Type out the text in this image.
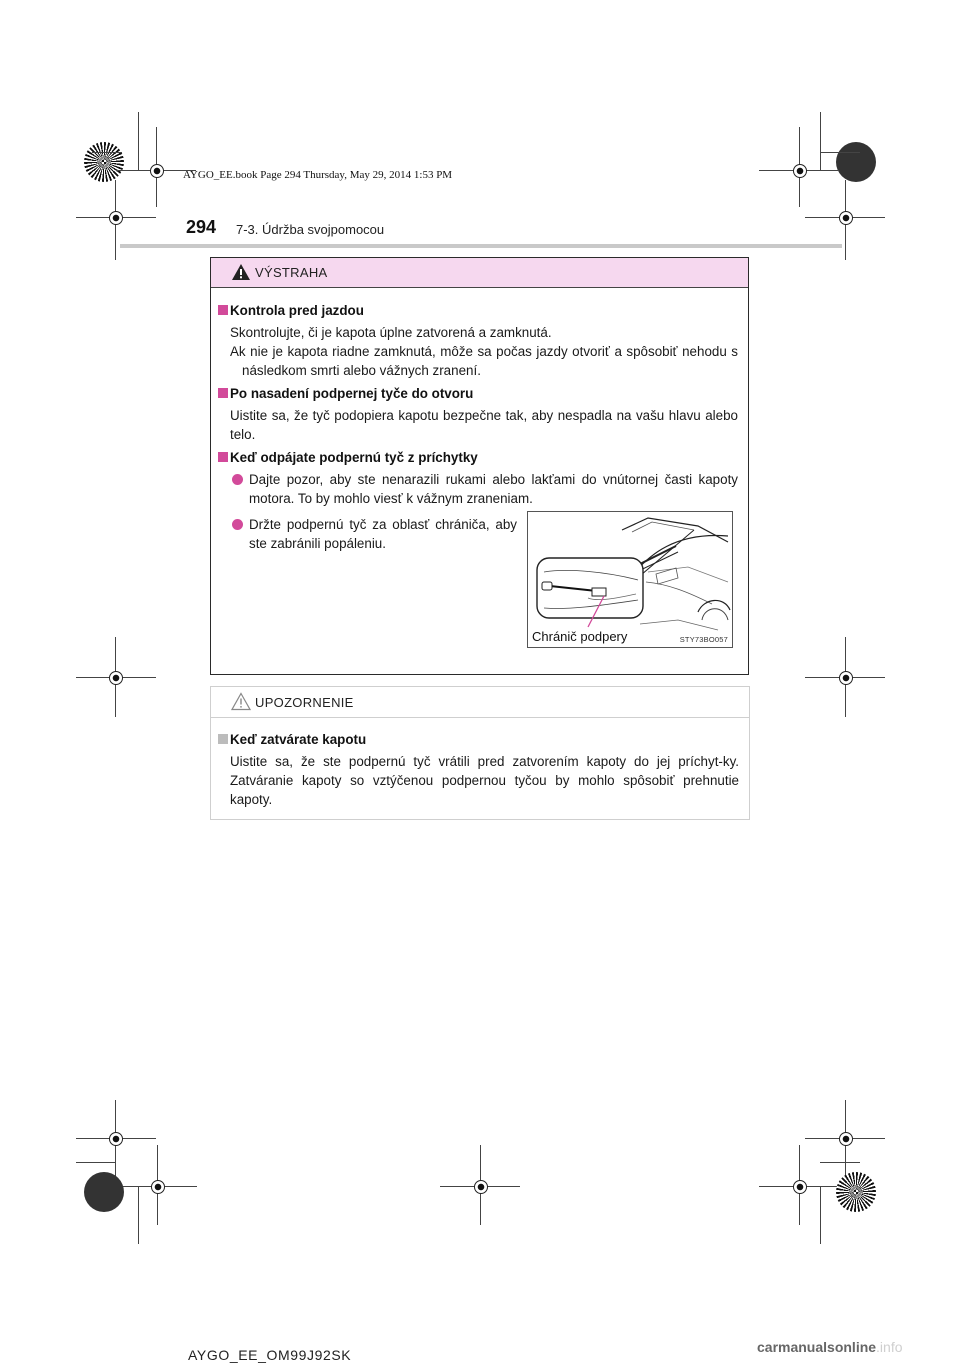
AYGO_EE.book Page 294 Thursday, May 29, 2014 1:53 PM
294 7-3. Údržba svojpomocou
VÝSTRAHA
Kontrola pred jazdou
Skontrolujte, či je kapota úplne zatvorená a zamknutá.
Ak nie je kapota riadne zamknutá, môže sa počas jazdy otvoriť a spôsobiť nehodu s následkom smrti alebo vážnych zranení.
Po nasadení podpernej tyče do otvoru
Uistite sa, že tyč podopiera kapotu bezpečne tak, aby nespadla na vašu hlavu alebo telo.
Keď odpájate podpernú tyč z príchytky
Dajte pozor, aby ste nenarazili rukami alebo lakťami do vnútornej časti kapoty motora. To by mohlo viesť k vážnym zraneniam.
Držte podpernú tyč za oblasť chrániča, aby ste zabránili popáleniu.
Chránič podpery	STY73BO057
UPOZORNENIE
Keď zatvárate kapotu
Uistite sa, že ste podpernú tyč vrátili pred zatvorením kapoty do jej príchyt-ky. Zatváranie kapoty so vztýčenou podpernou tyčou by mohlo spôsobiť prehnutie kapoty.
AYGO_EE_OM99J92SK	carmanualsonline.info
